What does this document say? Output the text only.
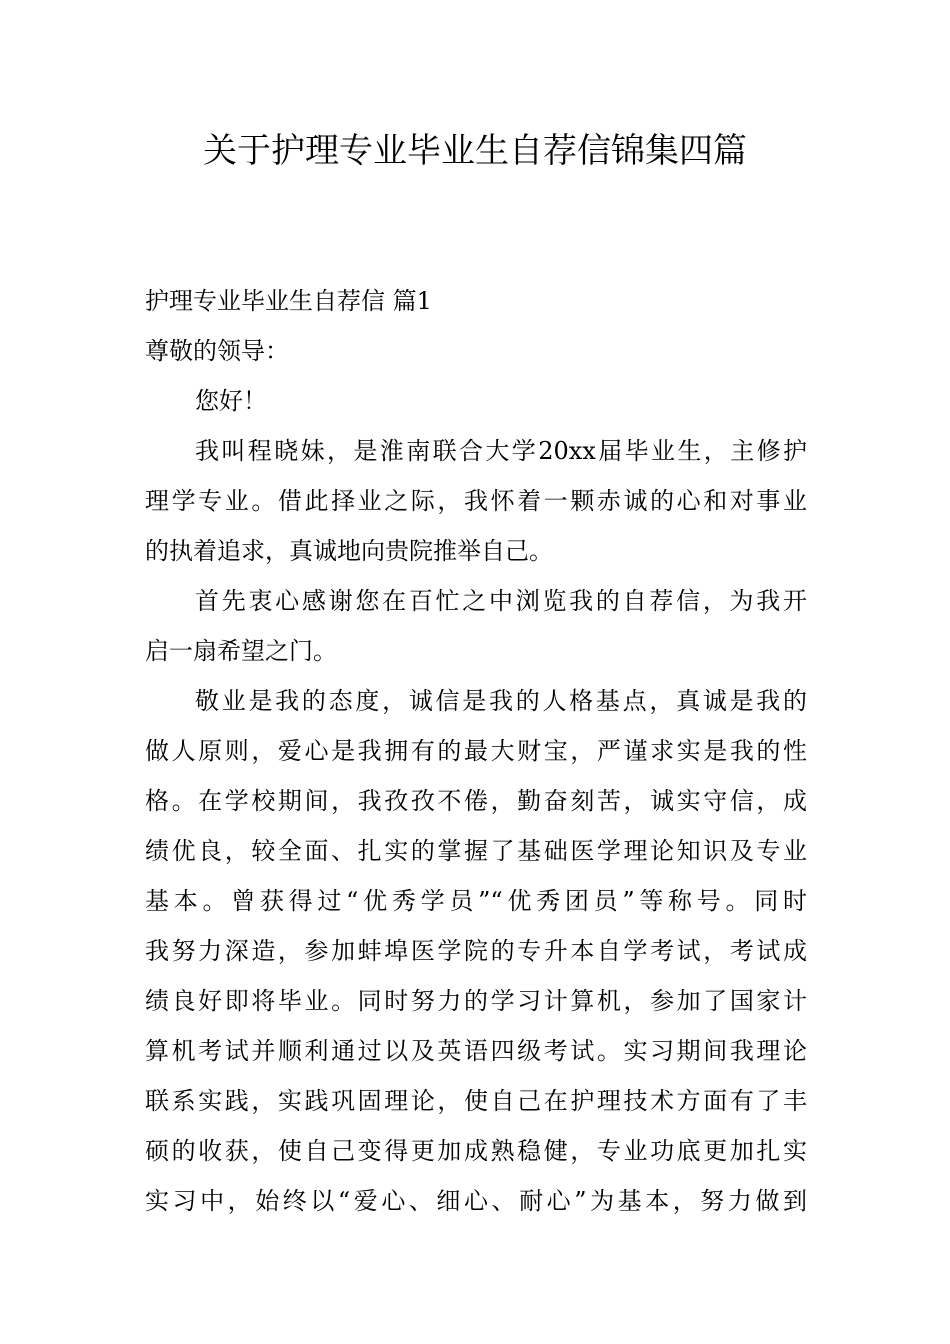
关于护理专业毕业生自荐信锦集四篇
护理专业毕业生自荐信 篇1
尊敬的领导：
您好！
我叫程晓妹，是淮南联合大学20xx届毕业生，主修护
理学专业。借此择业之际，我怀着一颗赤诚的心和对事业
的执着追求，真诚地向贵院推举自己。
首先衷心感谢您在百忙之中浏览我的自荐信，为我开
启一扇希望之门。
敬业是我的态度，诚信是我的人格基点，真诚是我的
做人原则，爱心是我拥有的最大财宝，严谨求实是我的性
格。在学校期间，我孜孜不倦，勤奋刻苦，诚实守信，成
绩优良，较全面、扎实的掌握了基础医学理论知识及专业
基本。曾获得过“优秀学员”“优秀团员”等称号。同时
我努力深造，参加蚌埠医学院的专升本自学考试，考试成
绩良好即将毕业。同时努力的学习计算机，参加了国家计
算机考试并顺利通过以及英语四级考试。实习期间我理论
联系实践，实践巩固理论，使自己在护理技术方面有了丰
硕的收获，使自己变得更加成熟稳健，专业功底更加扎实
实习中，始终以“爱心、细心、耐心”为基本，努力做到
